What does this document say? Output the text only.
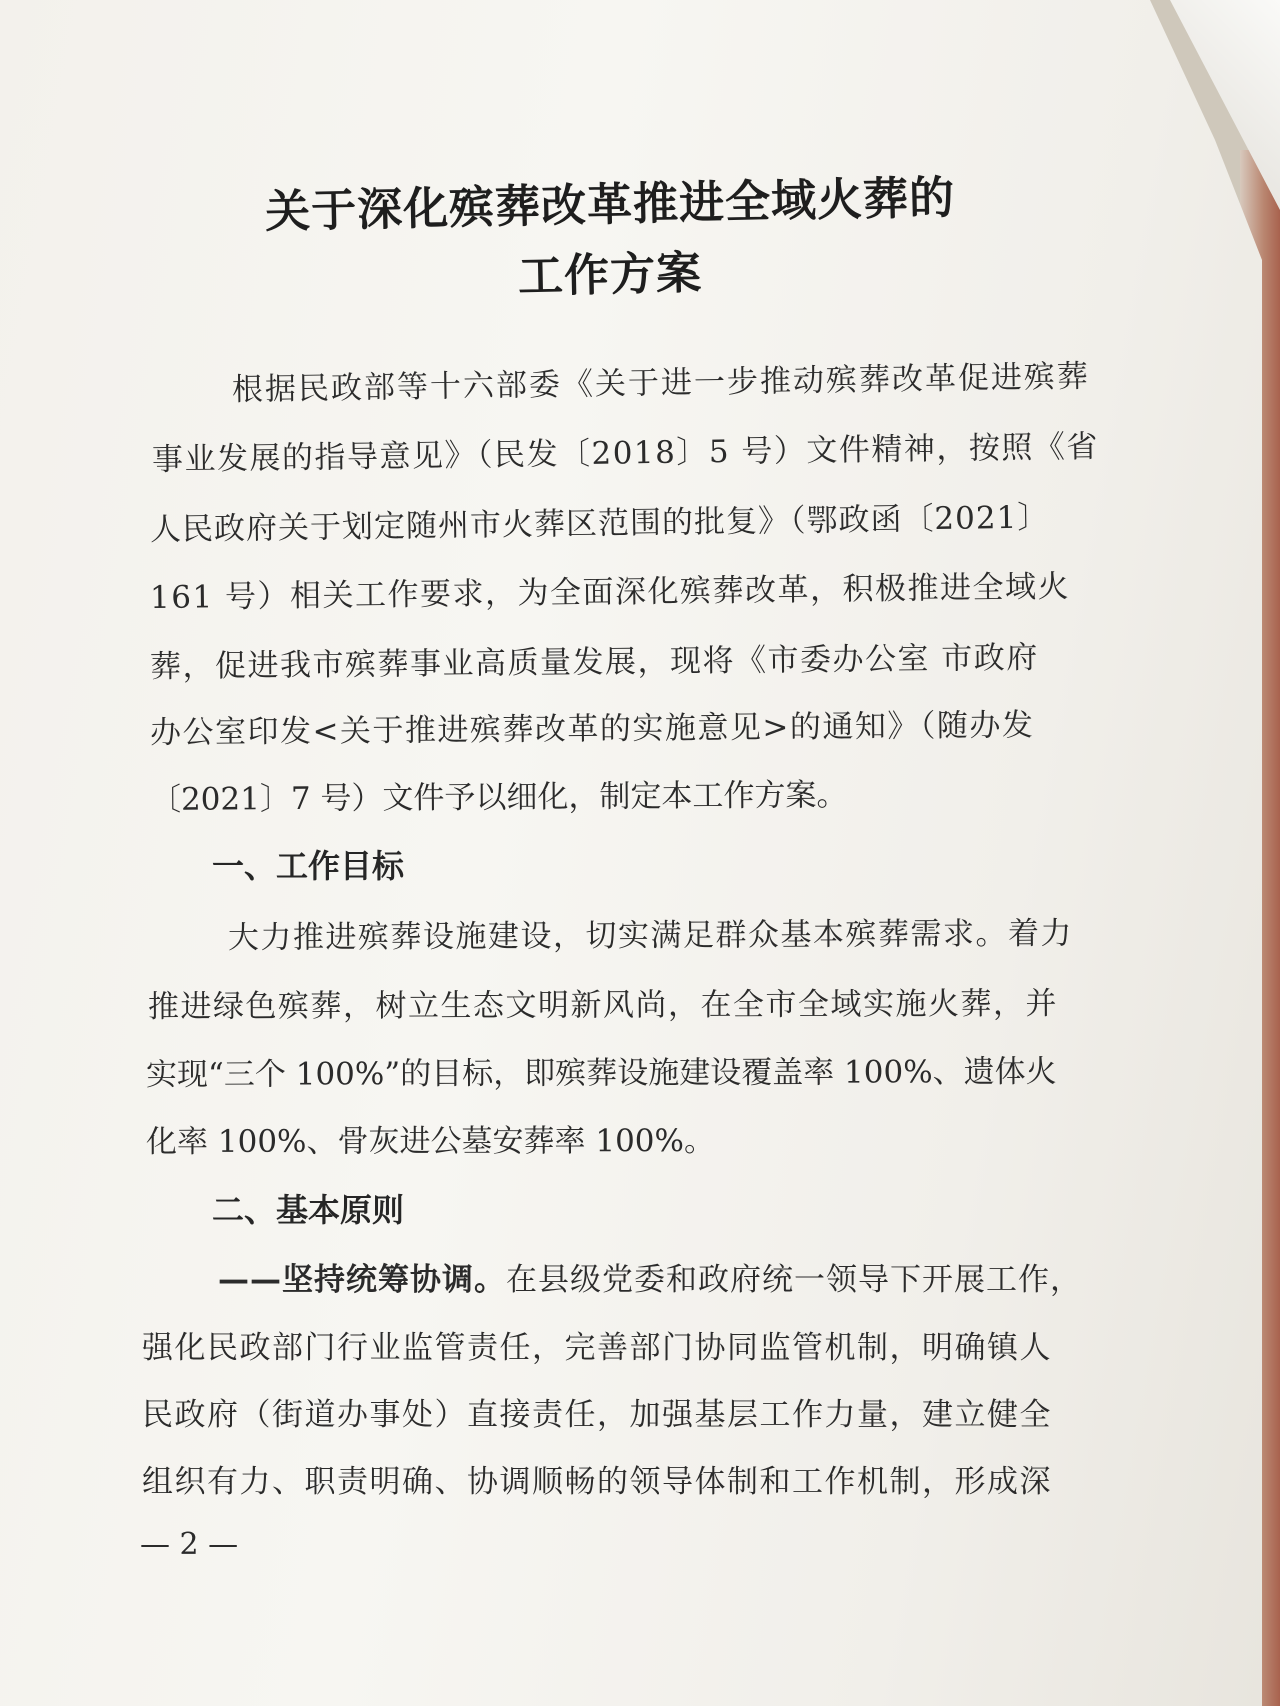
关于深化殡葬改革推进全域火葬的
工作方案
根据民政部等十六部委《关于进一步推动殡葬改革促进殡葬
事业发展的指导意见》（民发〔2018〕5 号）文件精神，按照《省
人民政府关于划定随州市火葬区范围的批复》（鄂政函〔2021〕
161 号）相关工作要求，为全面深化殡葬改革，积极推进全域火
葬，促进我市殡葬事业高质量发展，现将《市委办公室 市政府
办公室印发<关于推进殡葬改革的实施意见>的通知》（随办发
〔2021〕7 号）文件予以细化，制定本工作方案。
一、工作目标
大力推进殡葬设施建设，切实满足群众基本殡葬需求。着力
推进绿色殡葬，树立生态文明新风尚，在全市全域实施火葬，并
实现“三个 100%”的目标，即殡葬设施建设覆盖率 100%、遗体火
化率 100%、骨灰进公墓安葬率 100%。
二、基本原则
——坚持统筹协调。在县级党委和政府统一领导下开展工作，
强化民政部门行业监管责任，完善部门协同监管机制，明确镇人
民政府（街道办事处）直接责任，加强基层工作力量，建立健全
组织有力、职责明确、协调顺畅的领导体制和工作机制，形成深
— 2 —
